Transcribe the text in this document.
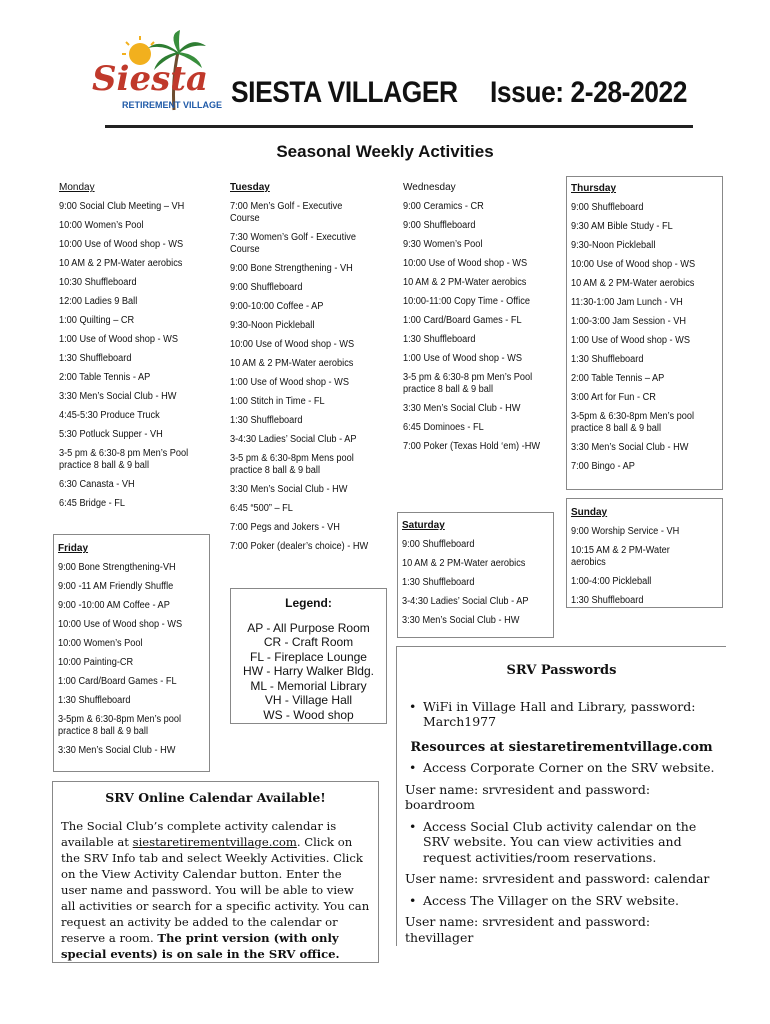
Siesta
RETIREMENT VILLAGE SIESTA VILLAGER Issue: 2-28-2022
Seasonal Weekly Activities
Monday
9:00 Social Club Meeting – VH
10:00 Women’s Pool
10:00 Use of Wood shop - WS
10 AM & 2 PM-Water aerobics
10:30 Shuffleboard
12:00 Ladies 9 Ball
1:00 Quilting – CR
1:00 Use of Wood shop - WS
1:30 Shuffleboard
2:00 Table Tennis - AP
3:30 Men’s Social Club - HW
4:45-5:30 Produce Truck
5:30 Potluck Supper - VH
3-5 pm & 6:30-8 pm Men’s Pool practice 8 ball & 9 ball
6:30 Canasta - VH
6:45 Bridge - FL
Friday
9:00 Bone Strengthening-VH
9:00 -11 AM Friendly Shuffle
9:00 -10:00 AM Coffee - AP
10:00 Use of Wood shop - WS
10:00 Women’s Pool
10:00 Painting-CR
1:00 Card/Board Games - FL
1:30 Shuffleboard
3-5pm & 6:30-8pm Men’s pool practice 8 ball & 9 ball
3:30 Men’s Social Club - HW
Tuesday
7:00 Men’s Golf - Executive Course
7:30 Women’s Golf - Executive Course
9:00 Bone Strengthening - VH
9:00 Shuffleboard
9:00-10:00 Coffee - AP
9:30-Noon Pickleball
10:00 Use of Wood shop - WS
10 AM & 2 PM-Water aerobics
1:00 Use of Wood shop - WS
1:00 Stitch in Time - FL
1:30 Shuffleboard
3-4:30 Ladies’ Social Club - AP
3-5 pm & 6:30-8pm Mens pool practice 8 ball & 9 ball
3:30 Men’s Social Club - HW
6:45 “500” – FL
7:00 Pegs and Jokers - VH
7:00 Poker (dealer’s choice) - HW
Wednesday
9:00 Ceramics - CR
9:00 Shuffleboard
9:30 Women’s Pool
10:00 Use of Wood shop - WS
10 AM & 2 PM-Water aerobics
10:00-11:00 Copy Time - Office
1:00 Card/Board Games - FL
1:30 Shuffleboard
1:00 Use of Wood shop - WS
3-5 pm & 6:30-8 pm Men’s Pool practice 8 ball & 9 ball
3:30 Men’s Social Club - HW
6:45 Dominoes - FL
7:00 Poker (Texas Hold ‘em) -HW
Thursday
9:00 Shuffleboard
9:30 AM Bible Study - FL
9:30-Noon Pickleball
10:00 Use of Wood shop - WS
10 AM & 2 PM-Water aerobics
11:30-1:00 Jam Lunch - VH
1:00-3:00 Jam Session - VH
1:00 Use of Wood shop - WS
1:30 Shuffleboard
2:00 Table Tennis – AP
3:00 Art for Fun - CR
3-5pm & 6:30-8pm Men’s pool practice 8 ball & 9 ball
3:30 Men’s Social Club - HW
7:00 Bingo - AP
Sunday
9:00 Worship Service - VH
10:15 AM & 2 PM-Water aerobics
1:00-4:00 Pickleball
1:30 Shuffleboard
Saturday
9:00 Shuffleboard
10 AM & 2 PM-Water aerobics
1:30 Shuffleboard
3-4:30 Ladies’ Social Club - AP
3:30 Men’s Social Club - HW
Legend:
AP - All Purpose Room
CR - Craft Room
FL - Fireplace Lounge
HW - Harry Walker Bldg.
ML - Memorial Library
VH - Village Hall
WS - Wood shop
SRV Online Calendar Available!
The Social Club’s complete activity calendar is available at siestaretirementvillage.com. Click on the SRV Info tab and select Weekly Activities. Click on the View Activity Calendar button. Enter the user name and password. You will be able to view all activities or search for a specific activity. You can request an activity be added to the calendar or reserve a room. The print version (with only special events) is on sale in the SRV office.
SRV Passwords
• WiFi in Village Hall and Library, password: March1977
Resources at siestaretirementvillage.com
• Access Corporate Corner on the SRV website.
User name: srvresident and password: boardroom
• Access Social Club activity calendar on the SRV website. You can view activities and request activities/room reservations.
User name: srvresident and password: calendar
• Access The Villager on the SRV website.
User name: srvresident and password: thevillager
